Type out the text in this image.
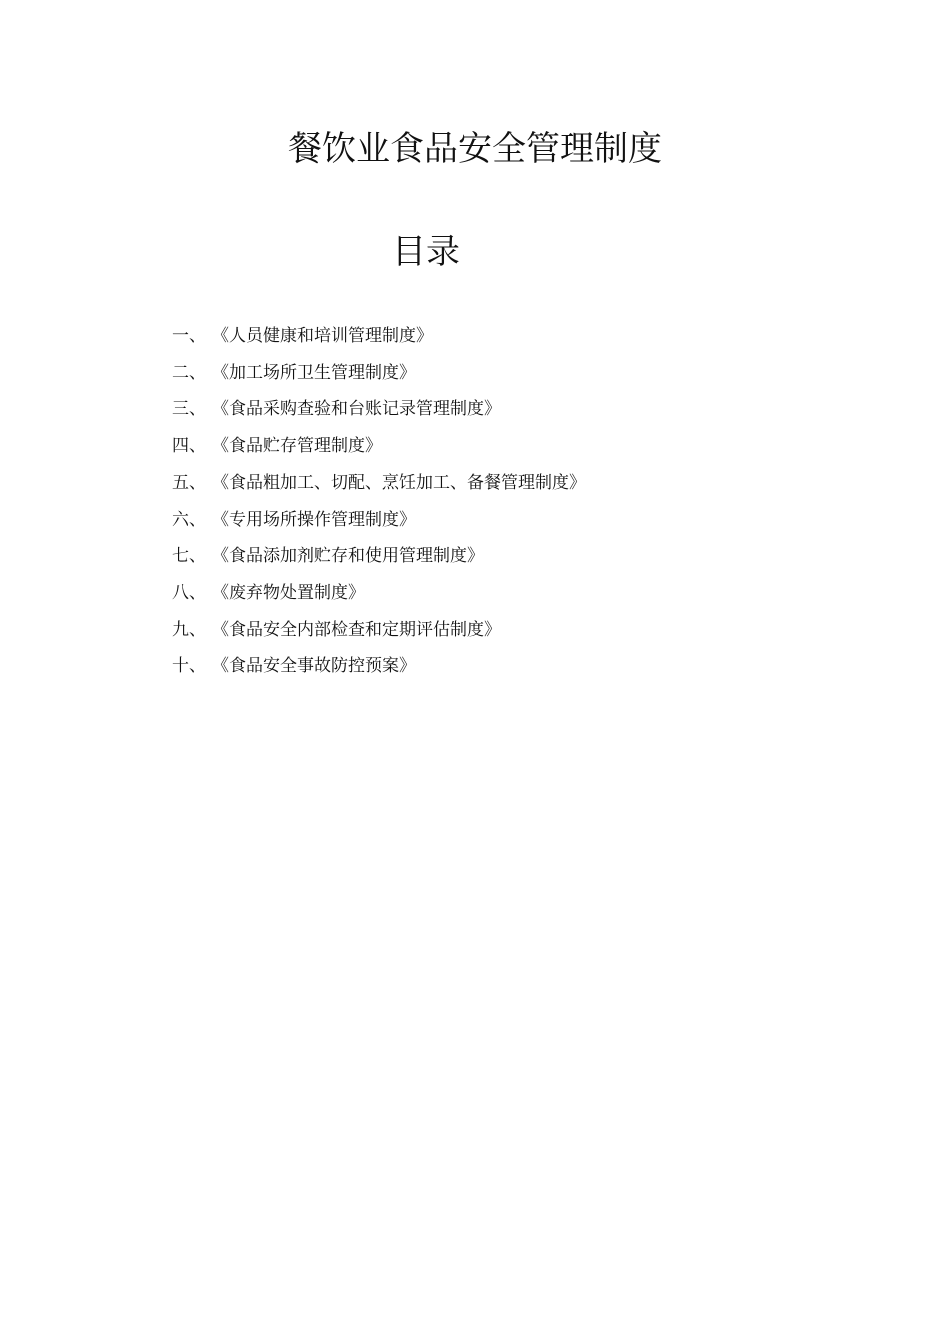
餐饮业食品安全管理制度
目录
一、 《人员健康和培训管理制度》
二、 《加工场所卫生管理制度》
三、 《食品采购查验和台账记录管理制度》
四、 《食品贮存管理制度》
五、 《食品粗加工、切配、烹饪加工、备餐管理制度》
六、 《专用场所操作管理制度》
七、 《食品添加剂贮存和使用管理制度》
八、 《废弃物处置制度》
九、 《食品安全内部检查和定期评估制度》
十、 《食品安全事故防控预案》
